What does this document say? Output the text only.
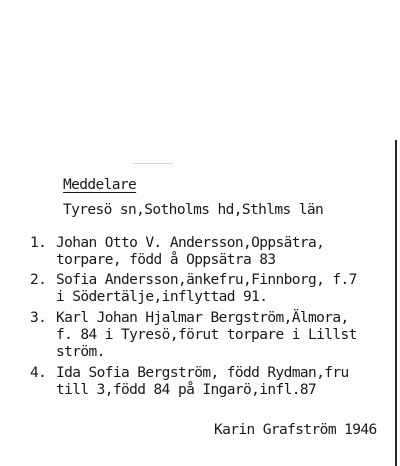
Meddelare
Tyresö sn,Sotholms hd,Sthlms län
1. Johan Otto V. Andersson,Oppsätra,
torpare, född å Oppsätra 83
2. Sofia Andersson,änkefru,Finnborg, f.7
i Södertälje,inflyttad 91.
3. Karl Johan Hjalmar Bergström,Älmora,
f. 84 i Tyresö,förut torpare i Lillst
ström.
4. Ida Sofia Bergström, född Rydman,fru
till 3,född 84 på Ingarö,infl.87
Karin Grafström 1946
